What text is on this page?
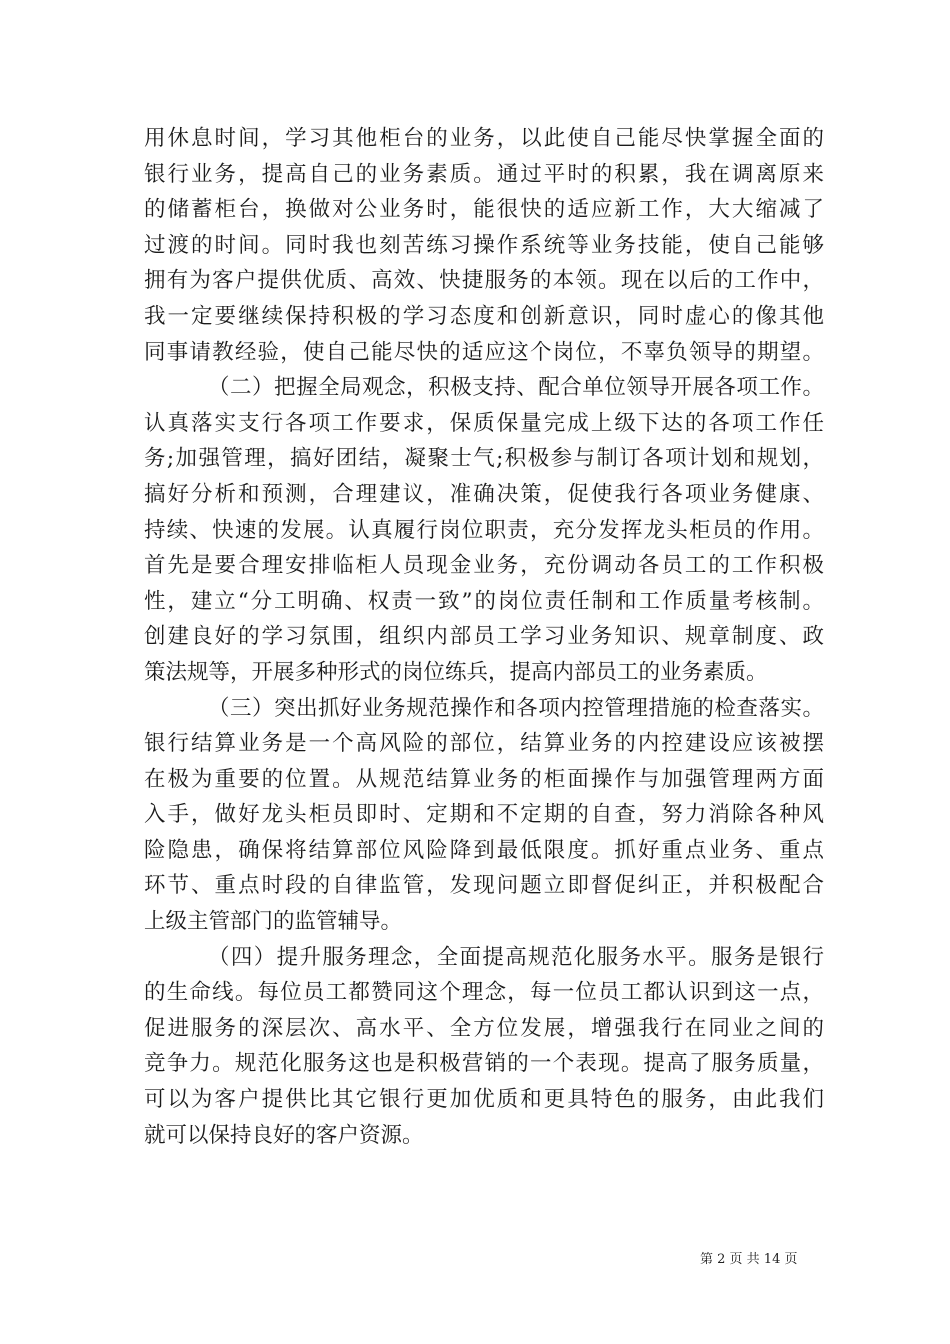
用休息时间，学习其他柜台的业务，以此使自己能尽快掌握全面的
银行业务，提高自己的业务素质。通过平时的积累，我在调离原来
的储蓄柜台，换做对公业务时，能很快的适应新工作，大大缩减了
过渡的时间。同时我也刻苦练习操作系统等业务技能，使自己能够
拥有为客户提供优质、高效、快捷服务的本领。现在以后的工作中，
我一定要继续保持积极的学习态度和创新意识，同时虚心的像其他
同事请教经验，使自己能尽快的适应这个岗位，不辜负领导的期望。
（二）把握全局观念，积极支持、配合单位领导开展各项工作。
认真落实支行各项工作要求，保质保量完成上级下达的各项工作任
务;加强管理，搞好团结，凝聚士气;积极参与制订各项计划和规划，
搞好分析和预测，合理建议，准确决策，促使我行各项业务健康、
持续、快速的发展。认真履行岗位职责，充分发挥龙头柜员的作用。
首先是要合理安排临柜人员现金业务，充份调动各员工的工作积极
性，建立“分工明确、权责一致”的岗位责任制和工作质量考核制。
创建良好的学习氛围，组织内部员工学习业务知识、规章制度、政
策法规等，开展多种形式的岗位练兵，提高内部员工的业务素质。
（三）突出抓好业务规范操作和各项内控管理措施的检查落实。
银行结算业务是一个高风险的部位，结算业务的内控建设应该被摆
在极为重要的位置。从规范结算业务的柜面操作与加强管理两方面
入手，做好龙头柜员即时、定期和不定期的自查，努力消除各种风
险隐患，确保将结算部位风险降到最低限度。抓好重点业务、重点
环节、重点时段的自律监管，发现问题立即督促纠正，并积极配合
上级主管部门的监管辅导。
（四）提升服务理念，全面提高规范化服务水平。服务是银行
的生命线。每位员工都赞同这个理念，每一位员工都认识到这一点，
促进服务的深层次、高水平、全方位发展，增强我行在同业之间的
竞争力。规范化服务这也是积极营销的一个表现。提高了服务质量，
可以为客户提供比其它银行更加优质和更具特色的服务，由此我们
就可以保持良好的客户资源。
第 2 页 共 14 页
